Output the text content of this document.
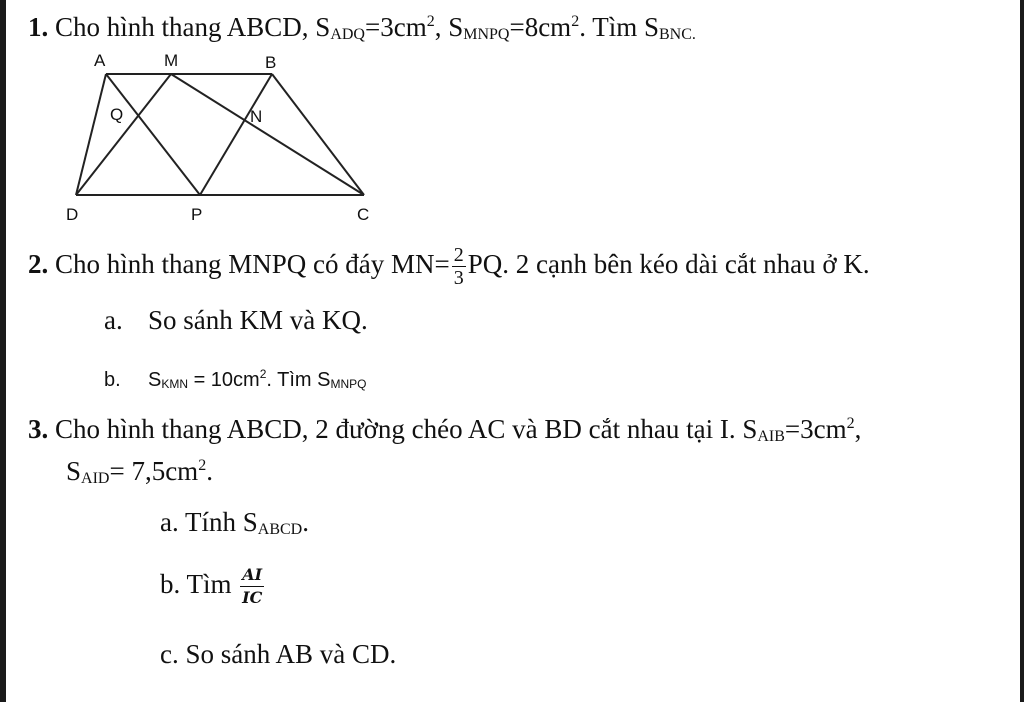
1. Cho hình thang ABCD, $SADQ=3cm^2$, $SMNPQ=8cm^2$. Tìm SBNC.
A	M	B
Q	N
D	P	C
2. Cho hình thang MNPQ có đáy $MN= \frac{2}{3}$ PQ. 2 cạnh bên kéo dài cắt nhau ở K.
a. So sánh KM và KQ.
b. SKMN = $10cm^2$. Tìm SMNPQ
3. Cho hình thang ABCD, 2 đường chéo AC và BD cắt nhau tại I. $SAIB=3cm^2$,
SAID= $7,5cm^2$.
a. Tính SABCD.
b. Tìm $\frac{AI}{IC}$
c. So sánh AB và CD.
